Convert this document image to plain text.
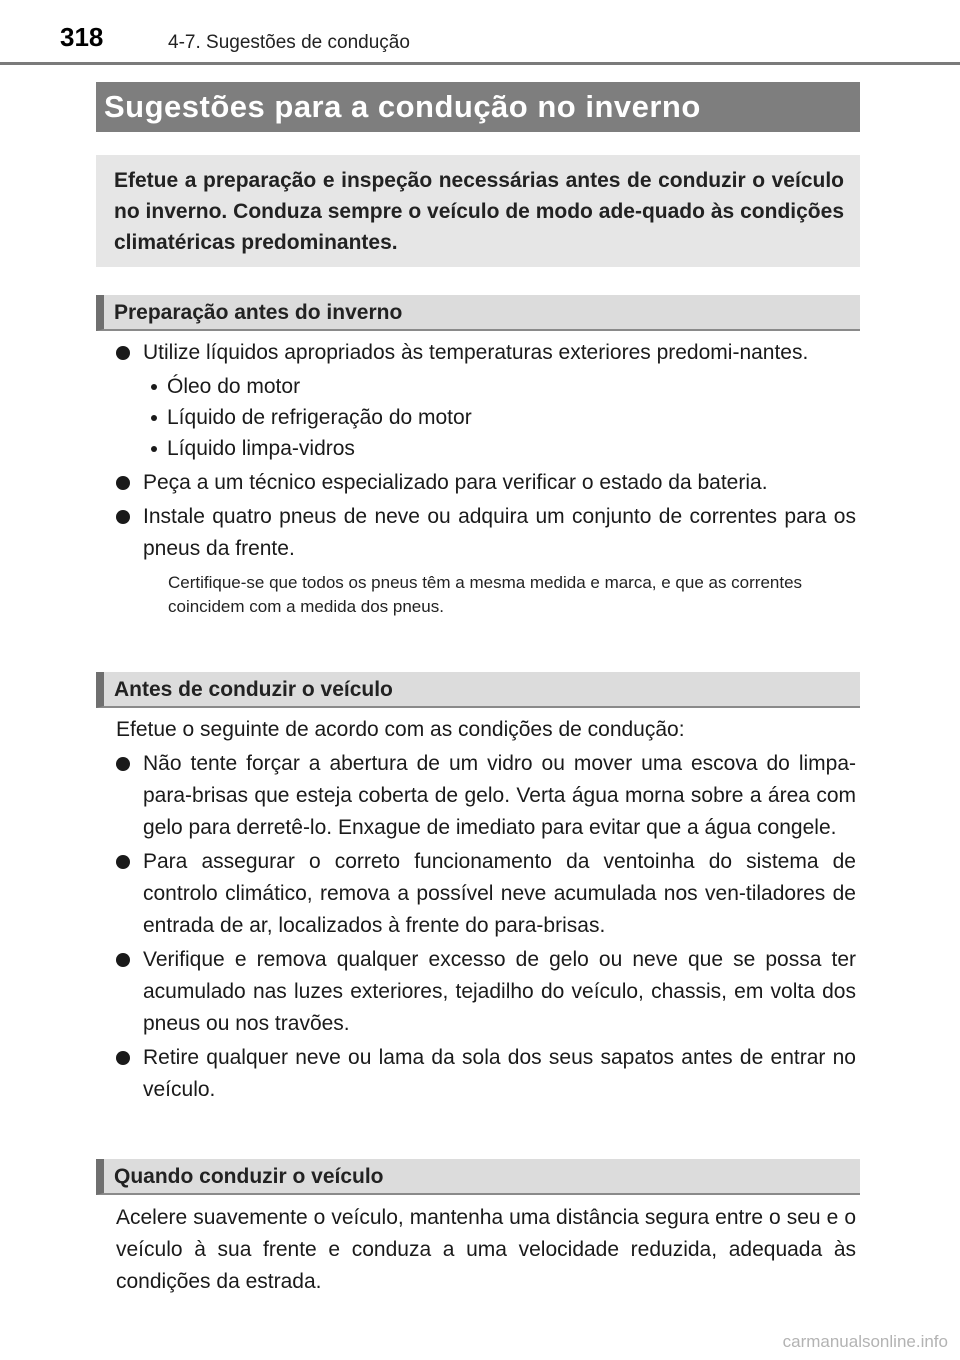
318	4-7. Sugestões de condução
Sugestões para a condução no inverno
Efetue a preparação e inspeção necessárias antes de conduzir o veículo no inverno. Conduza sempre o veículo de modo ade-quado às condições climatéricas predominantes.
Preparação antes do inverno
Utilize líquidos apropriados às temperaturas exteriores predomi-nantes.
Óleo do motor
Líquido de refrigeração do motor
Líquido limpa-vidros
Peça a um técnico especializado para verificar o estado da bateria.
Instale quatro pneus de neve ou adquira um conjunto de correntes para os pneus da frente.
Certifique-se que todos os pneus têm a mesma medida e marca, e que as correntes coincidem com a medida dos pneus.
Antes de conduzir o veículo
Efetue o seguinte de acordo com as condições de condução:
Não tente forçar a abertura de um vidro ou mover uma escova do limpa-para-brisas que esteja coberta de gelo. Verta água morna sobre a área com gelo para derretê-lo. Enxague de imediato para evitar que a água congele.
Para assegurar o correto funcionamento da ventoinha do sistema de controlo climático, remova a possível neve acumulada nos ven-tiladores de entrada de ar, localizados à frente do para-brisas.
Verifique e remova qualquer excesso de gelo ou neve que se possa ter acumulado nas luzes exteriores, tejadilho do veículo, chassis, em volta dos pneus ou nos travões.
Retire qualquer neve ou lama da sola dos seus sapatos antes de entrar no veículo.
Quando conduzir o veículo
Acelere suavemente o veículo, mantenha uma distância segura entre o seu e o veículo à sua frente e conduza a uma velocidade reduzida, adequada às condições da estrada.
carmanualsonline.info
